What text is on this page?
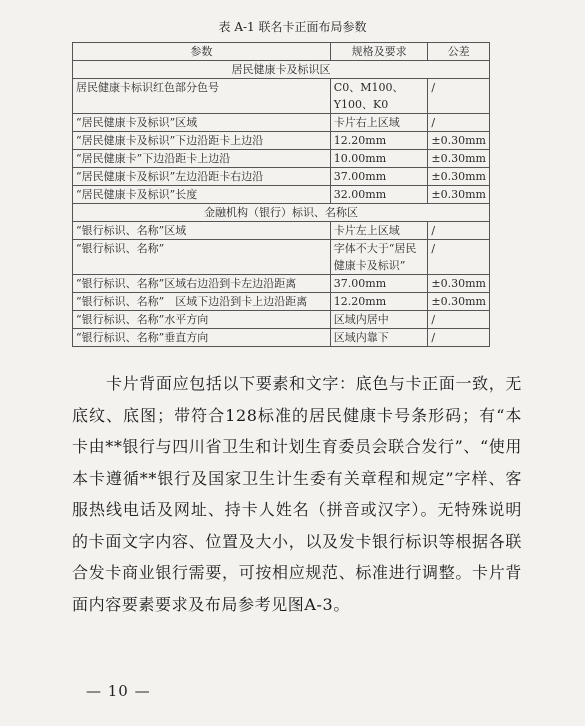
表 A-1 联名卡正面布局参数
参数	规格及要求	公差
居民健康卡及标识区		
居民健康卡标识红色部分色号	C0、M100、Y100、K0	/
“居民健康卡及标识”区域	卡片右上区域	/
“居民健康卡及标识”下边沿距卡上边沿	12.20mm	±0.30mm
“居民健康卡”下边沿距卡上边沿	10.00mm	±0.30mm
“居民健康卡及标识”左边沿距卡右边沿	37.00mm	±0.30mm
“居民健康卡及标识”长度	32.00mm	±0.30mm
金融机构（银行）标识、名称区		
“银行标识、名称”区域	卡片左上区域	/
“银行标识、名称”	字体不大于“居民健康卡及标识”	/
“银行标识、名称”区域右边沿到卡左边沿距离	37.00mm	±0.30mm
“银行标识、名称”　区域下边沿到卡上边沿距离	12.20mm	±0.30mm
“银行标识、名称”水平方向	区域内居中	/
“银行标识、名称”垂直方向	区域内靠下	/
卡片背面应包括以下要素和文字：底色与卡正面一致，无底纹、底图；带符合128标准的居民健康卡号条形码；有“本卡由**银行与四川省卫生和计划生育委员会联合发行”、“使用本卡遵循**银行及国家卫生计生委有关章程和规定”字样、客服热线电话及网址、持卡人姓名（拼音或汉字）。无特殊说明的卡面文字内容、位置及大小，以及发卡银行标识等根据各联合发卡商业银行需要，可按相应规范、标准进行调整。卡片背面内容要素要求及布局参考见图A-3。
— 10 —
